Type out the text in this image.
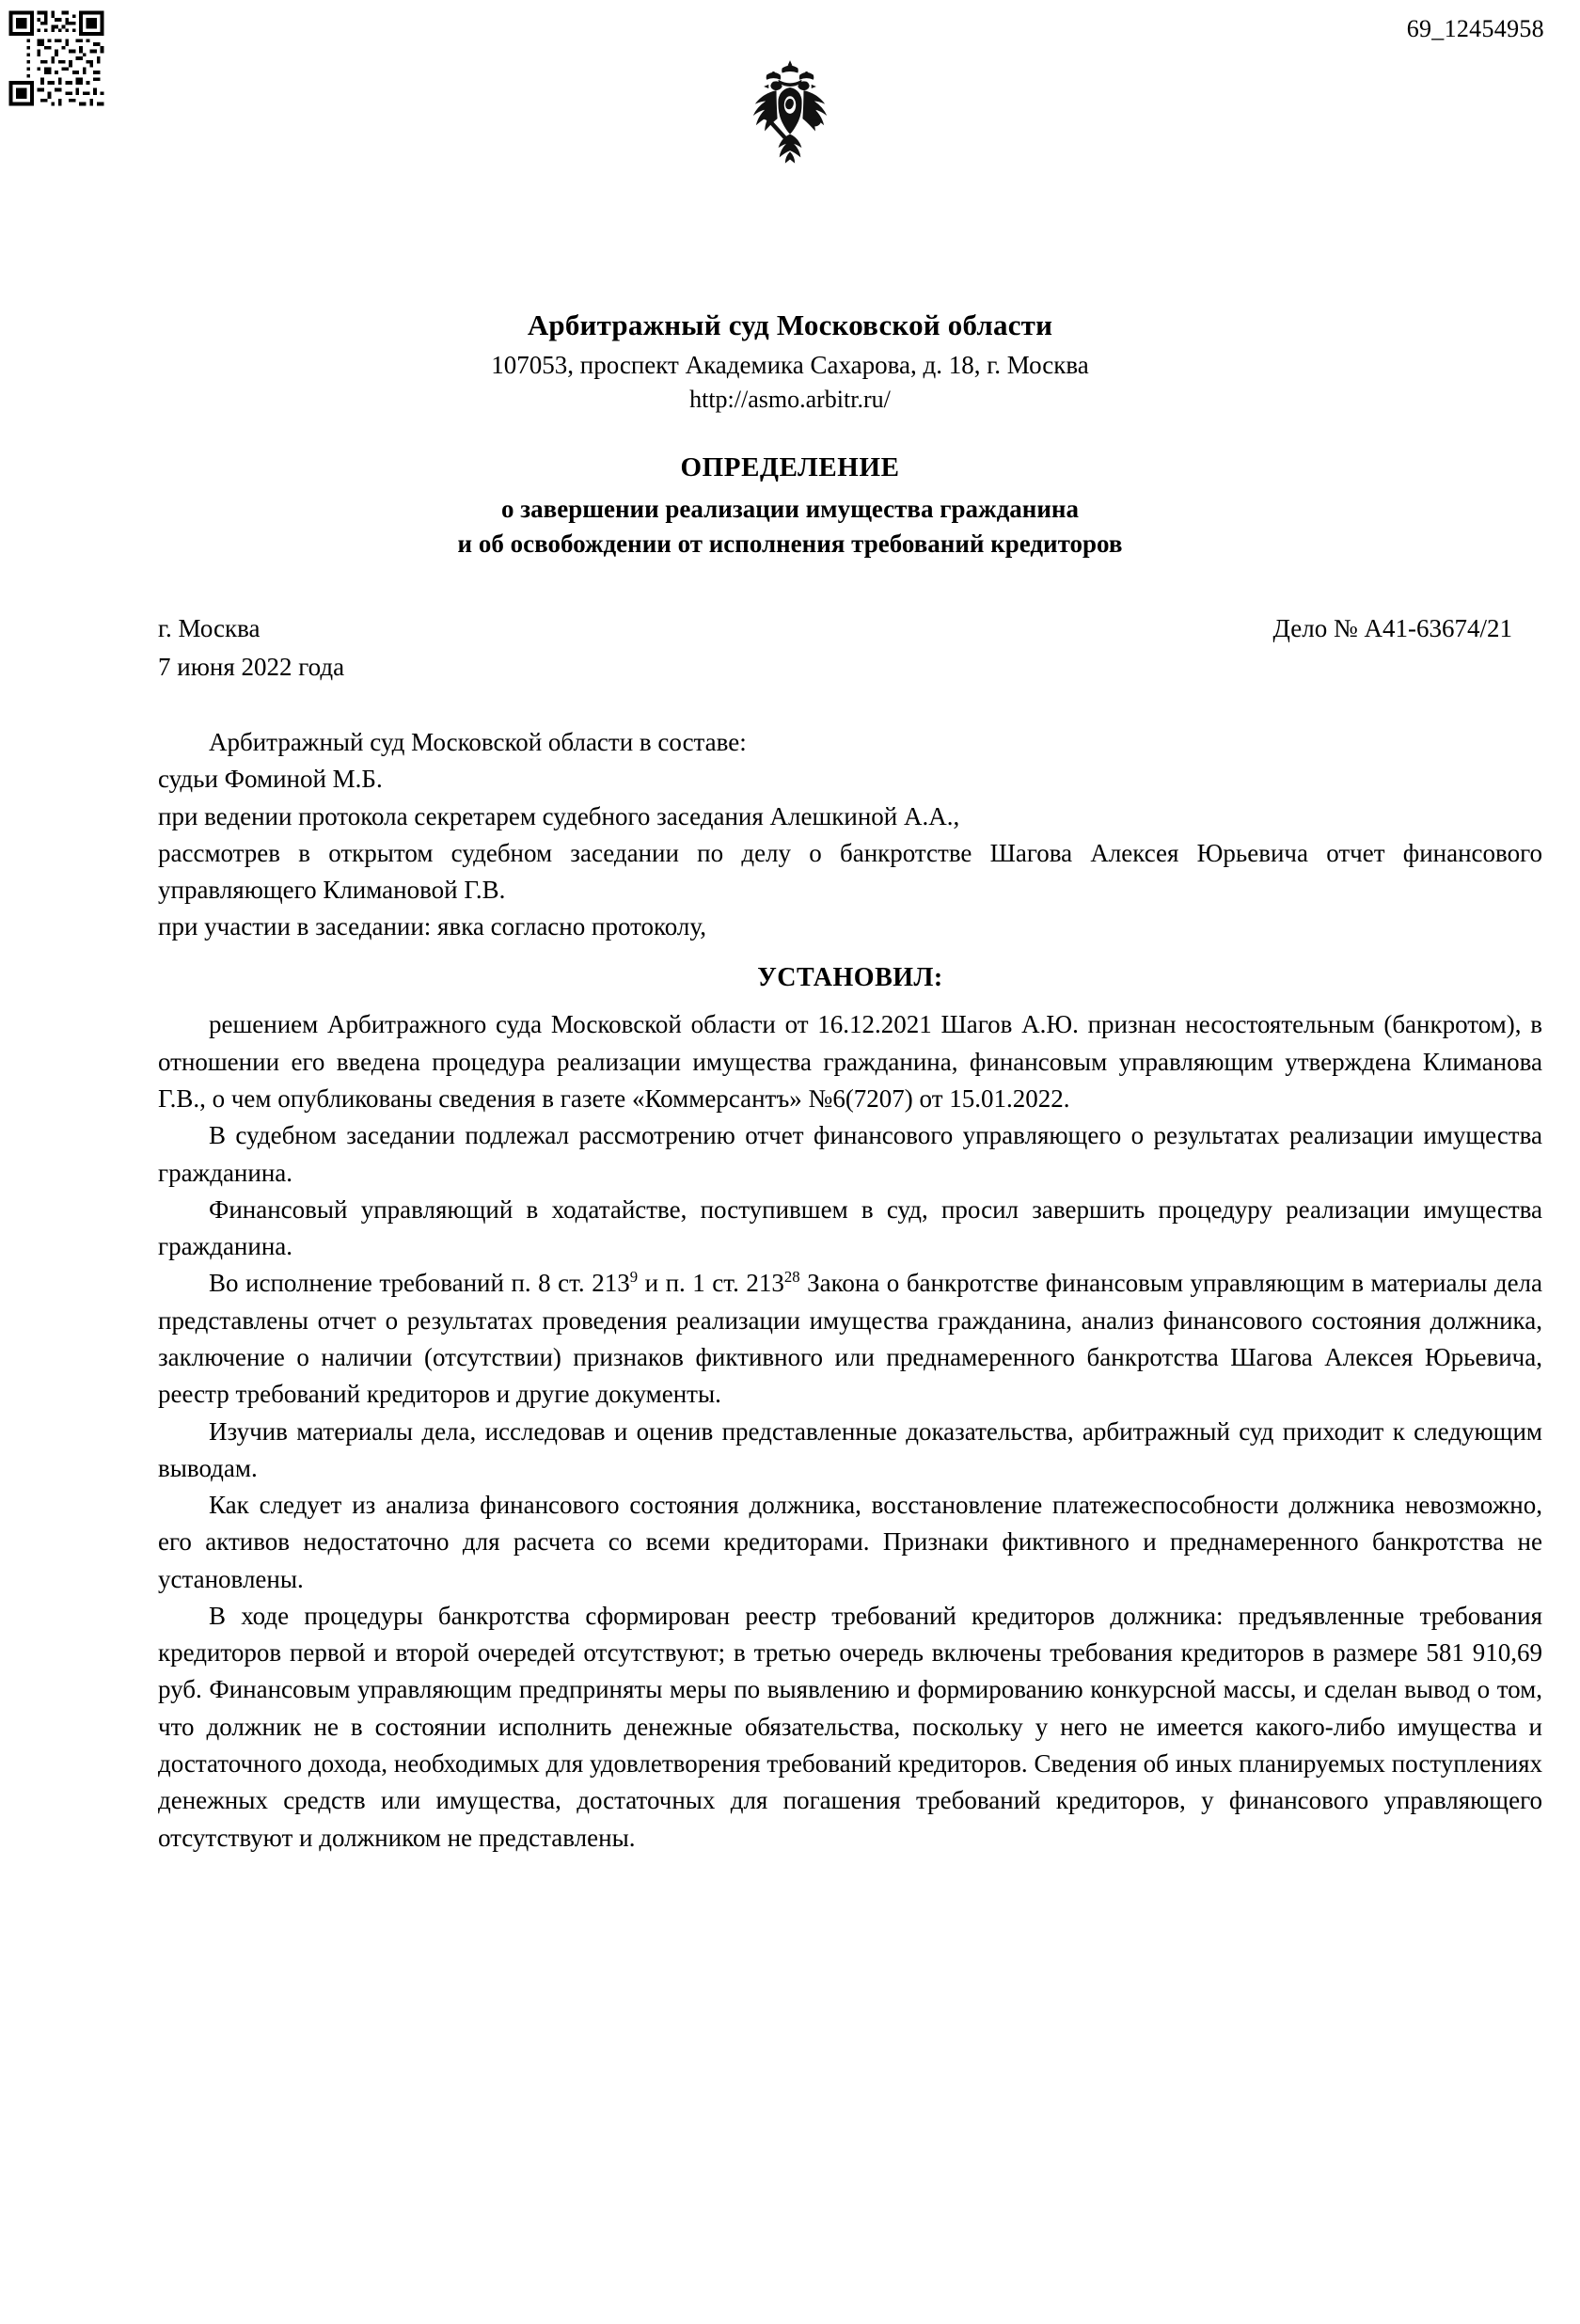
69_12454958
Арбитражный суд Московской области
107053, проспект Академика Сахарова, д. 18, г. Москва
http://asmo.arbitr.ru/
ОПРЕДЕЛЕНИЕ
о завершении реализации имущества гражданина
и об освобождении от исполнения требований кредиторов
г. Москва	Дело № А41-63674/21
7 июня 2022 года

Арбитражный суд Московской области в составе:

судьи Фоминой М.Б.

при ведении протокола секретарем судебного заседания Алешкиной А.А.,

рассмотрев в открытом судебном заседании по делу о банкротстве Шагова Алексея Юрьевича отчет финансового управляющего Климановой Г.В.

при участии в заседании: явка согласно протоколу,

УСТАНОВИЛ:

решением Арбитражного суда Московской области от 16.12.2021 Шагов А.Ю. признан несостоятельным (банкротом), в отношении его введена процедура реализации имущества гражданина, финансовым управляющим утверждена Климанова Г.В., о чем опубликованы сведения в газете «Коммерсантъ» №6(7207) от 15.01.2022.

В судебном заседании подлежал рассмотрению отчет финансового управляющего о результатах реализации имущества гражданина.

Финансовый управляющий в ходатайстве, поступившем в суд, просил завершить процедуру реализации имущества гражданина.

Во исполнение требований п. 8 ст. $213^9$ и п. 1 ст. $213^{28}$ Закона о банкротстве финансовым управляющим в материалы дела представлены отчет о результатах проведения реализации имущества гражданина, анализ финансового состояния должника, заключение о наличии (отсутствии) признаков фиктивного или преднамеренного банкротства Шагова Алексея Юрьевича, реестр требований кредиторов и другие документы.

Изучив материалы дела, исследовав и оценив представленные доказательства, арбитражный суд приходит к следующим выводам.

Как следует из анализа финансового состояния должника, восстановление платежеспособности должника невозможно, его активов недостаточно для расчета со всеми кредиторами. Признаки фиктивного и преднамеренного банкротства не установлены.

В ходе процедуры банкротства сформирован реестр требований кредиторов должника: предъявленные требования кредиторов первой и второй очередей отсутствуют; в третью очередь включены требования кредиторов в размере 581 910,69 руб. Финансовым управляющим предприняты меры по выявлению и формированию конкурсной массы, и сделан вывод о том, что должник не в состоянии исполнить денежные обязательства, поскольку у него не имеется какого-либо имущества и достаточного дохода, необходимых для удовлетворения требований кредиторов. Сведения об иных планируемых поступлениях денежных средств или имущества, достаточных для погашения требований кредиторов, у финансового управляющего отсутствуют и должником не представлены.
